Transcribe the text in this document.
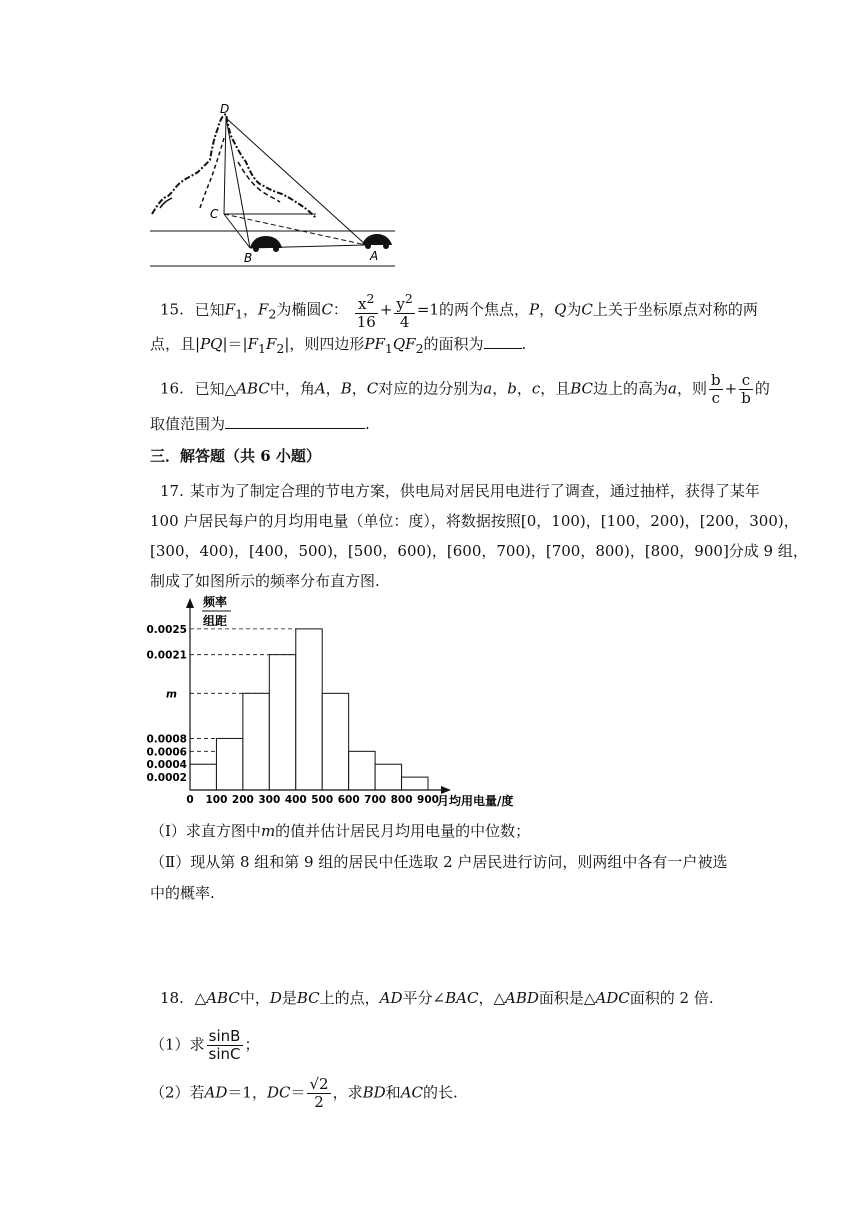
D
C
B	A
15. 已知$F_1$，$F_2$为椭圆C： $\frac{x^2}{16} + \frac{y^2}{4} =1$的两个焦点，P，Q为C上关于坐标原点对称的两
点，且$|PQ|=|F_1F_2|$，则四边形$PF_1QF_2$的面积为	.
16. 已知△ABC中，角A，B，C对应的边分别为a，b，c，且BC边上的高为a，则 $\frac{b}{c} + \frac{c}{b}$ 的
取值范围为	.
三．解答题（共 6 小题）
17. 某市为了制定合理的节电方案，供电局对居民用电进行了调查，通过抽样，获得了某年
100 户居民每户的月均用电量（单位：度），将数据按照[0，100)，[100，200)，[200，300)，
[300，400)，[400，500)，[500，600)，[600，700)，[700，800)，[800，900]分成 9 组，
制成了如图所示的频率分布直方图.
0.0025
0.0021
m
0.0008
0.0006
0.0004
0.0002
0 100 200 300 400 500 600 700 800 900
频率
组距
月均用电量/度
（Ⅰ）求直方图中m的值并估计居民月均用电量的中位数；
（Ⅱ）现从第 8 组和第 9 组的居民中任选取 2 户居民进行访问，则两组中各有一户被选
中的概率.
18. △ABC中，D是BC上的点，AD平分∠BAC，△ABD面积是△ADC面积的 2 倍.
（1）求 $\frac{\sin B}{\sin C}$ ；
（2）若AD＝1，$DC= \frac{√2}{2}$ ，求BD和AC的长.
